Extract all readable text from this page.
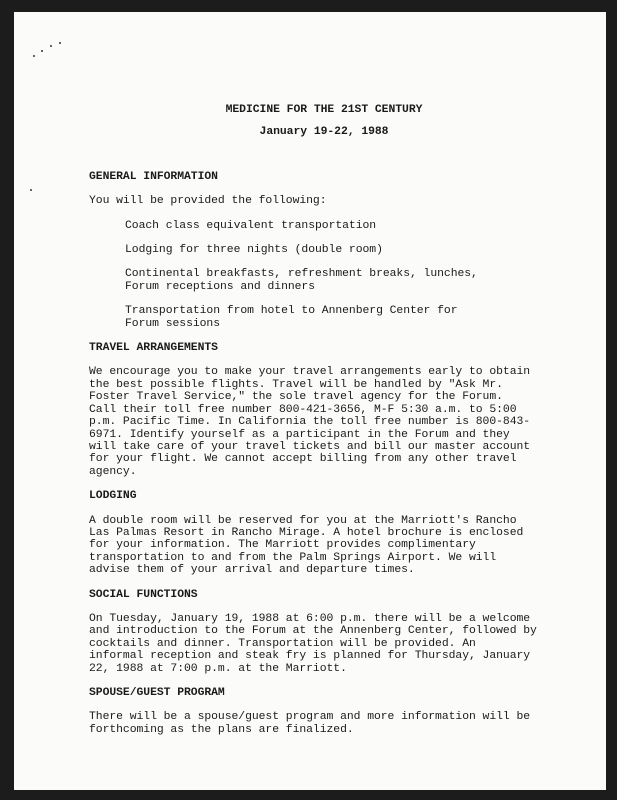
MEDICINE FOR THE 21ST CENTURY

January 19-22, 1988

GENERAL INFORMATION

You will be provided the following:

Coach class equivalent transportation

Lodging for three nights (double room)

Continental breakfasts, refreshment breaks, lunches,
Forum receptions and dinners

Transportation from hotel to Annenberg Center for
Forum sessions

TRAVEL ARRANGEMENTS

We encourage you to make your travel arrangements early to obtain
the best possible flights. Travel will be handled by "Ask Mr.
Foster Travel Service," the sole travel agency for the Forum.
Call their toll free number 800-421-3656, M-F 5:30 a.m. to 5:00
p.m. Pacific Time. In California the toll free number is 800-843-
6971. Identify yourself as a participant in the Forum and they
will take care of your travel tickets and bill our master account
for your flight. We cannot accept billing from any other travel
agency.

LODGING

A double room will be reserved for you at the Marriott's Rancho
Las Palmas Resort in Rancho Mirage. A hotel brochure is enclosed
for your information. The Marriott provides complimentary
transportation to and from the Palm Springs Airport. We will
advise them of your arrival and departure times.

SOCIAL FUNCTIONS

On Tuesday, January 19, 1988 at 6:00 p.m. there will be a welcome
and introduction to the Forum at the Annenberg Center, followed by
cocktails and dinner. Transportation will be provided. An
informal reception and steak fry is planned for Thursday, January
22, 1988 at 7:00 p.m. at the Marriott.

SPOUSE/GUEST PROGRAM

There will be a spouse/guest program and more information will be
forthcoming as the plans are finalized.
